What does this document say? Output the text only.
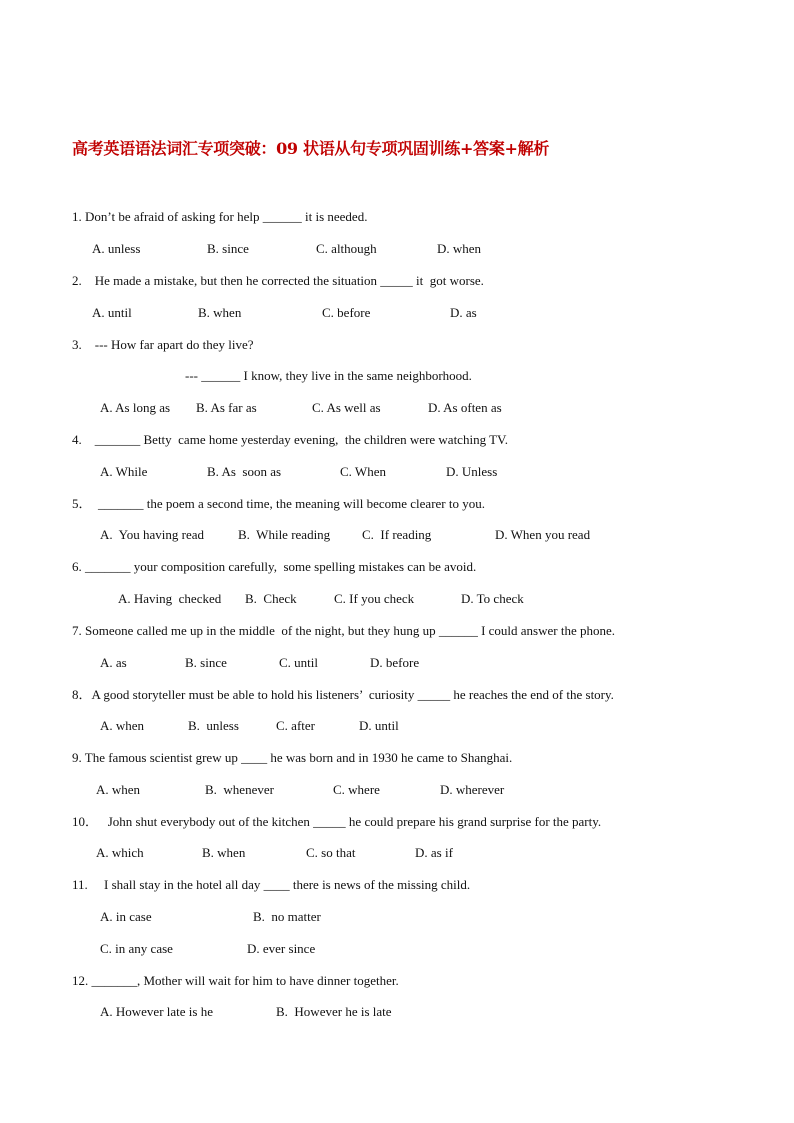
高考英语语法词汇专项突破：09 状语从句专项巩固训练+答案+解析
1. Don’t be afraid of asking for help ______ it is needed.
A. unless	B. since	C. although	D. when
2.    He made a mistake, but then he corrected the situation _____ it  got worse.
A. until	B. when	C. before	D. as
3.    --- How far apart do they live?
--- ______ I know, they live in the same neighborhood.
A. As long as B. As far as	C. As well as	D. As often as
4.    _______ Betty  came home yesterday evening,  the children were watching TV.
A. While	B. As  soon as	C. When	D. Unless
5．  _______ the poem a second time, the meaning will become clearer to you.
A.  You having read	B.  While reading C.  If reading	D. When you read
6. _______ your composition carefully,  some spelling mistakes can be avoid.
A. Having  checked B.  Check	C. If you check	D. To check
7. Someone called me up in the middle  of the night, but they hung up ______ I could answer the phone.
A. as	B. since	C. until	D. before
8．A good storyteller must be able to hold his listeners’  curiosity _____ he reaches the end of the story.
A. when	B.  unless	C. after	D. until
9. The famous scientist grew up ____ he was born and in 1930 he came to Shanghai.
A. when	B.  whenever	C. where	D. wherever
10．   John shut everybody out of the kitchen _____ he could prepare his grand surprise for the party.
A. which	B. when	C. so that	D. as if
11.     I shall stay in the hotel all day ____ there is news of the missing child.
A. in case	B.  no matter
C. in any case	D. ever since
12. _______, Mother will wait for him to have dinner together.
A. However late is he	B.  However he is late
